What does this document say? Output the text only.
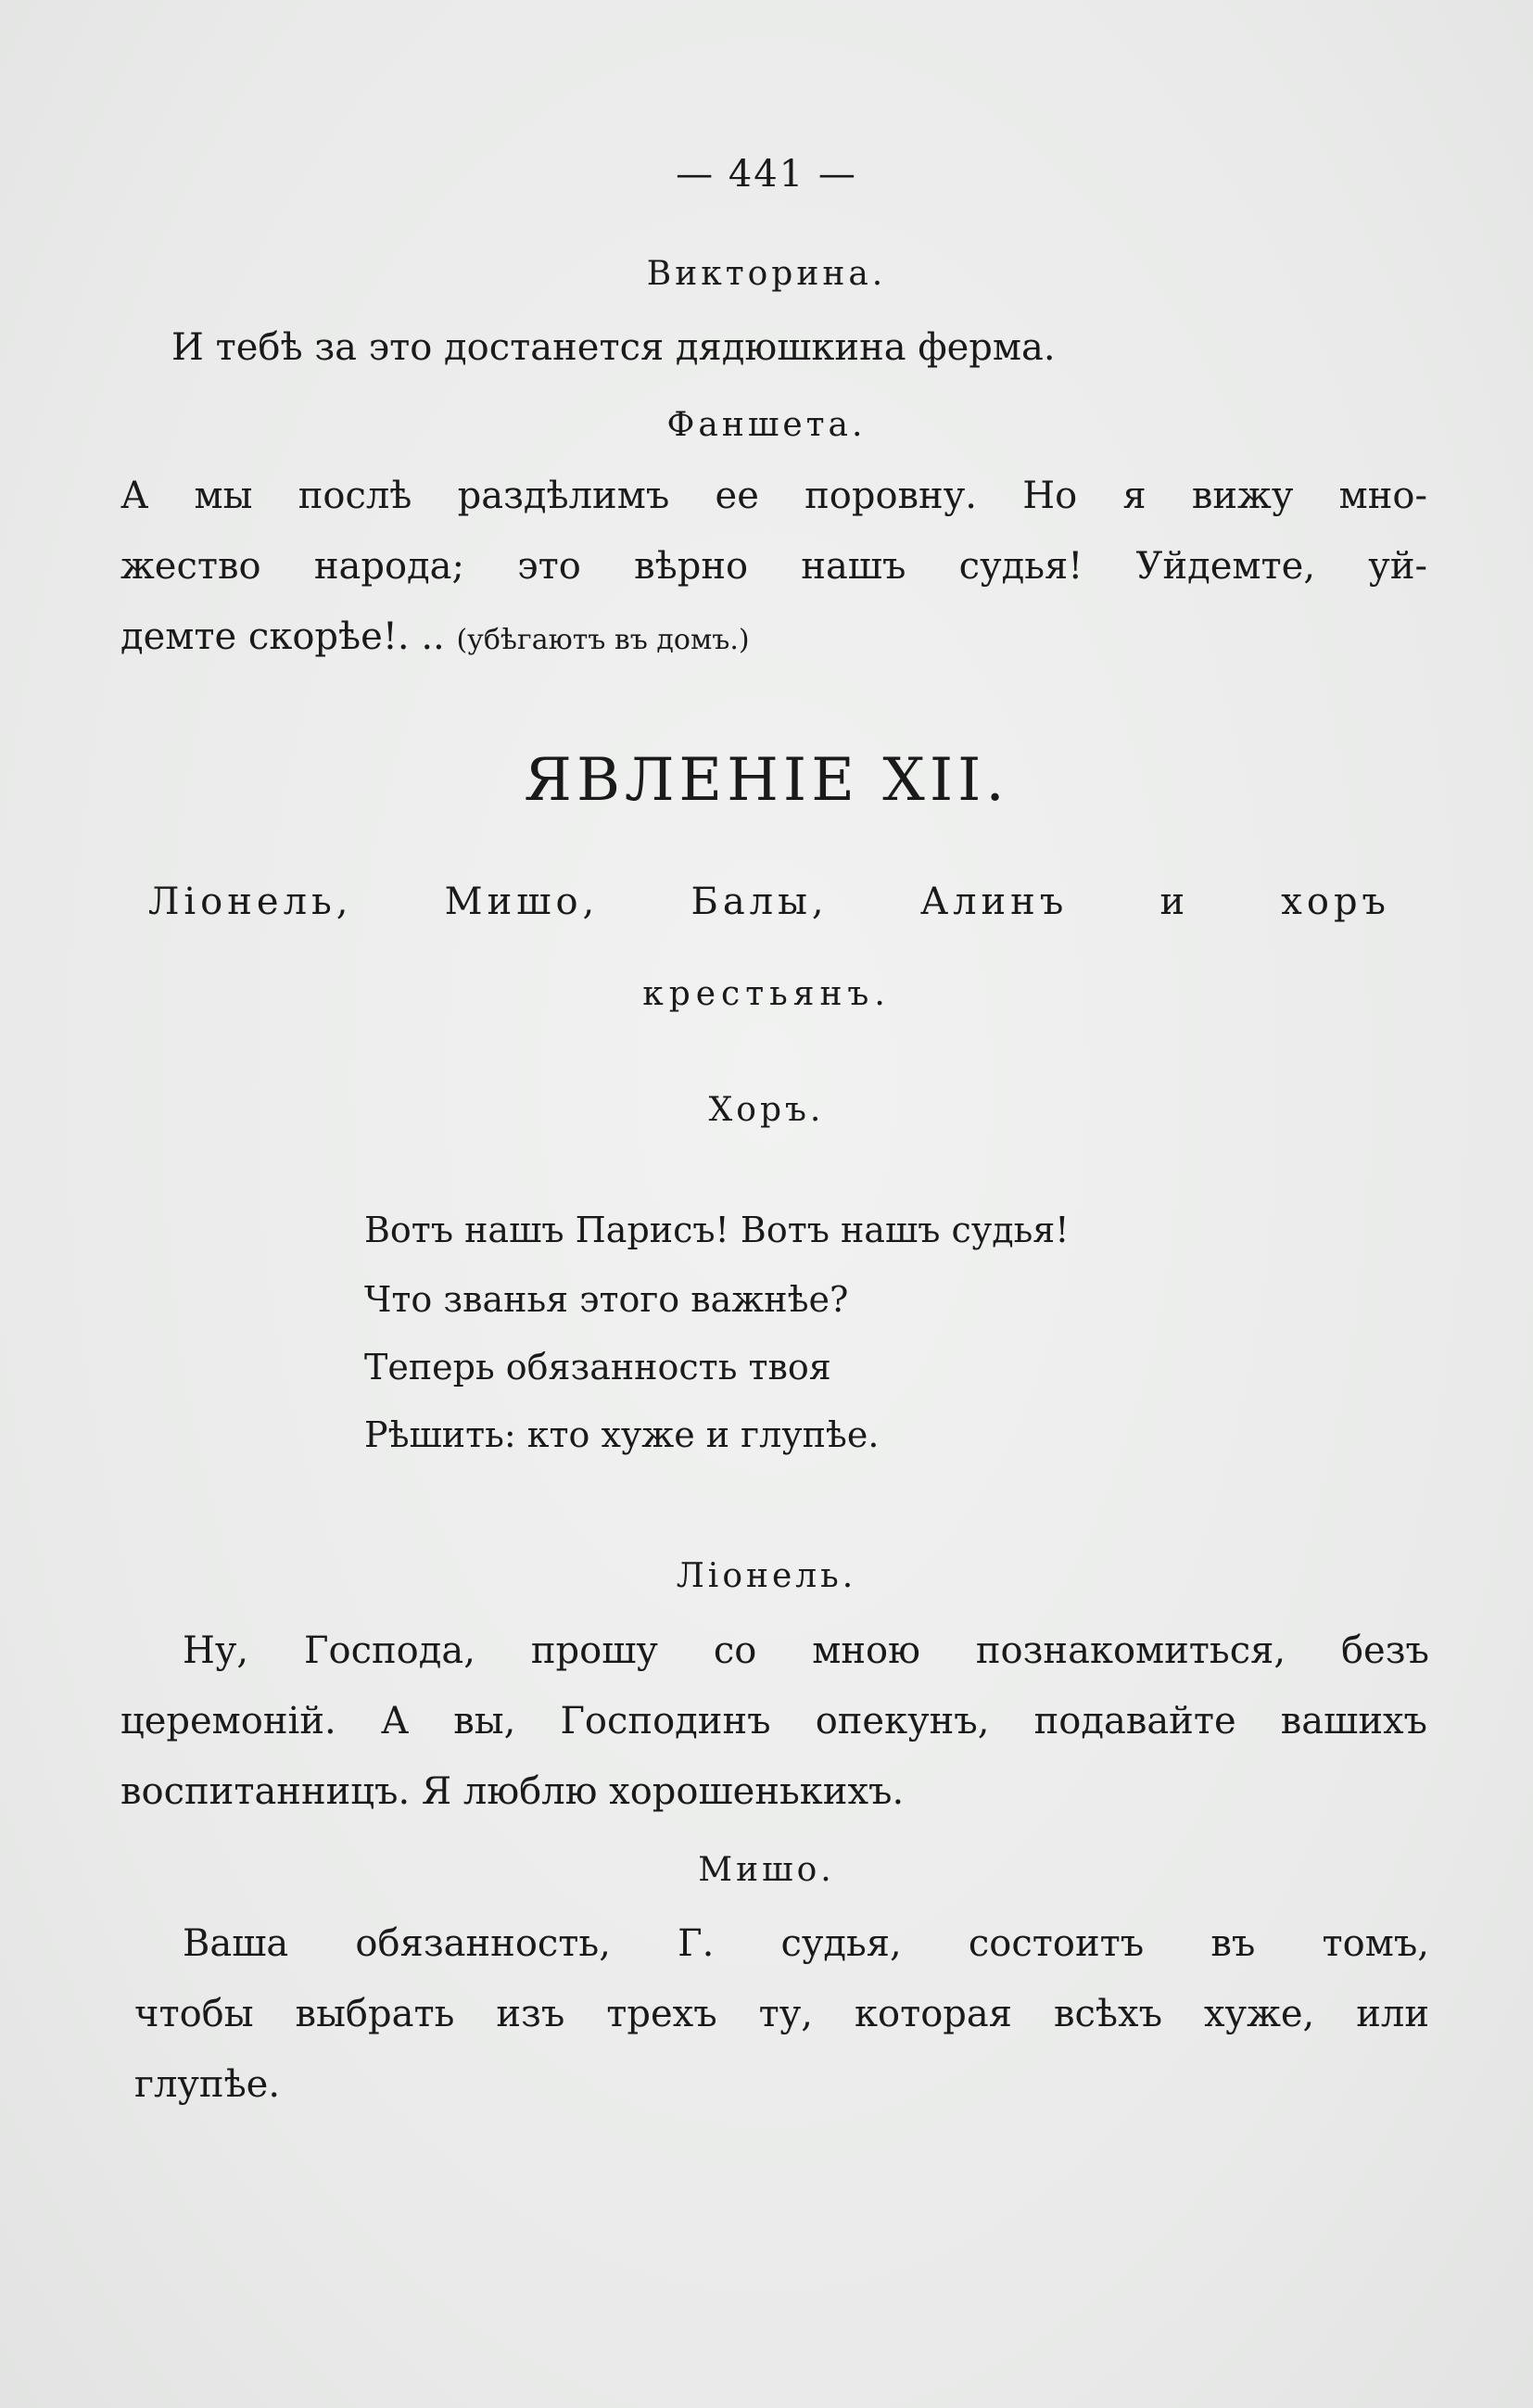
— 441 —
Викторина.
И тебѣ за это достанется дядюшкина ферма.
Фаншета.
А мы послѣ раздѣлимъ ее поровну. Но я вижу мно-
жество народа; это вѣрно нашъ судья! Уйдемте, уй-
демте скорѣе!. .. (убѣгаютъ въ домъ.)
ЯВЛЕНІЕ XII.
Ліонель, Мишо, Балы, Алинъ и хоръ
крестьянъ.
Хоръ.
Вотъ нашъ Парисъ! Вотъ нашъ судья!
Что званья этого важнѣе?
Теперь обязанность твоя
Рѣшить: кто хуже и глупѣе.
Ліонель.
Ну, Господа, прошу со мною познакомиться, безъ
церемоній. А вы, Господинъ опекунъ, подавайте вашихъ
воспитанницъ. Я люблю хорошенькихъ.
Мишо.
Ваша обязанность, Г. судья, состоитъ въ томъ,
чтобы выбрать изъ трехъ ту, которая всѣхъ хуже, или
глупѣе.
